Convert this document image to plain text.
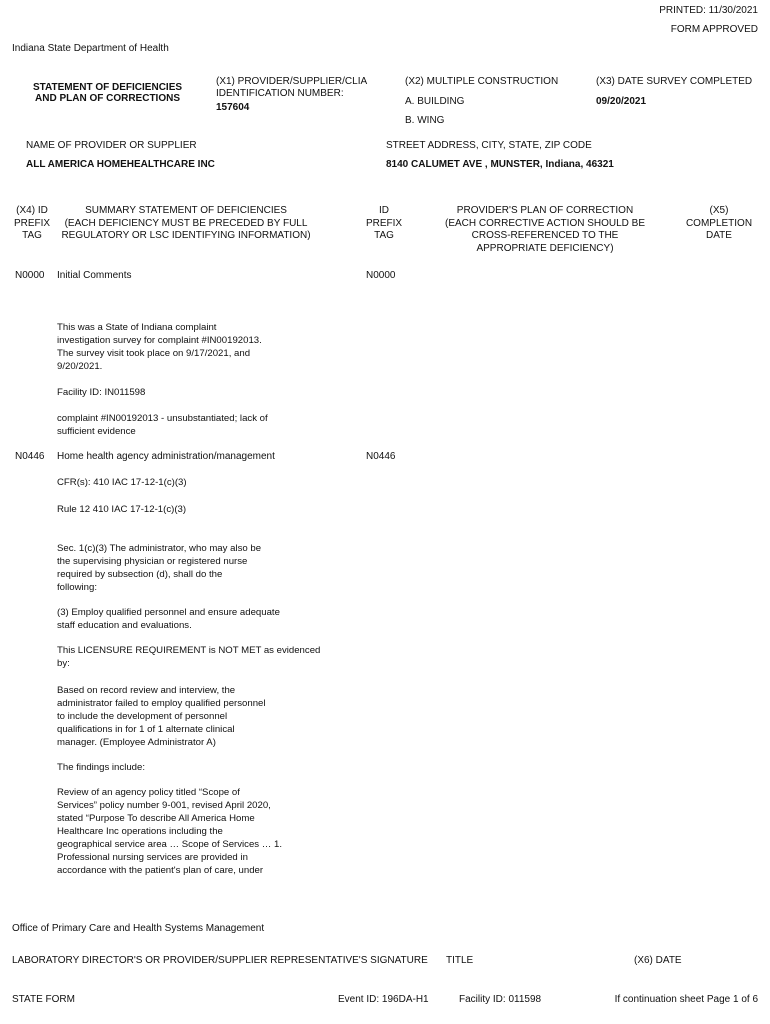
PRINTED: 11/30/2021
FORM APPROVED
Indiana State Department of Health
STATEMENT OF DEFICIENCIES
AND PLAN OF CORRECTIONS
(X1) PROVIDER/SUPPLIER/CLIA
IDENTIFICATION NUMBER:
157604
(X2) MULTIPLE CONSTRUCTION
A. BUILDING
B. WING
(X3) DATE SURVEY COMPLETED
09/20/2021
NAME OF PROVIDER OR SUPPLIER
ALL AMERICA HOMEHEALTHCARE INC
STREET ADDRESS, CITY, STATE, ZIP CODE
8140 CALUMET AVE , MUNSTER, Indiana, 46321
(X4) ID
PREFIX
TAG
SUMMARY STATEMENT OF DEFICIENCIES
(EACH DEFICIENCY MUST BE PRECEDED BY FULL
REGULATORY OR LSC IDENTIFYING INFORMATION)
ID
PREFIX
TAG
PROVIDER'S PLAN OF CORRECTION
(EACH CORRECTIVE ACTION SHOULD BE
CROSS-REFERENCED TO THE
APPROPRIATE DEFICIENCY)
(X5)
COMPLETION
DATE
N0000 Initial Comments	N0000
This was a State of Indiana complaint
investigation survey for complaint #IN00192013.
The survey visit took place on 9/17/2021, and
9/20/2021.
Facility ID: IN011598
complaint #IN00192013 - unsubstantiated; lack of
sufficient evidence
N0446 Home health agency administration/management	N0446
CFR(s): 410 IAC 17-12-1(c)(3)
Rule 12 410 IAC 17-12-1(c)(3)
Sec. 1(c)(3) The administrator, who may also be
the supervising physician or registered nurse
required by subsection (d), shall do the
following:
(3) Employ qualified personnel and ensure adequate
staff education and evaluations.
This LICENSURE REQUIREMENT is NOT MET as evidenced
by:
Based on record review and interview, the
administrator failed to employ qualified personnel
to include the development of personnel
qualifications in for 1 of 1 alternate clinical
manager. (Employee Administrator A)
The findings include:
Review of an agency policy titled “Scope of
Services” policy number 9-001, revised April 2020,
stated “Purpose To describe All America Home
Healthcare Inc operations including the
geographical service area … Scope of Services … 1.
Professional nursing services are provided in
accordance with the patient's plan of care, under
Office of Primary Care and Health Systems Management
LABORATORY DIRECTOR'S OR PROVIDER/SUPPLIER REPRESENTATIVE'S SIGNATURE TITLE	(X6) DATE
STATE FORM	Event ID: 196DA-H1	Facility ID: 011598	If continuation sheet Page 1 of 6
